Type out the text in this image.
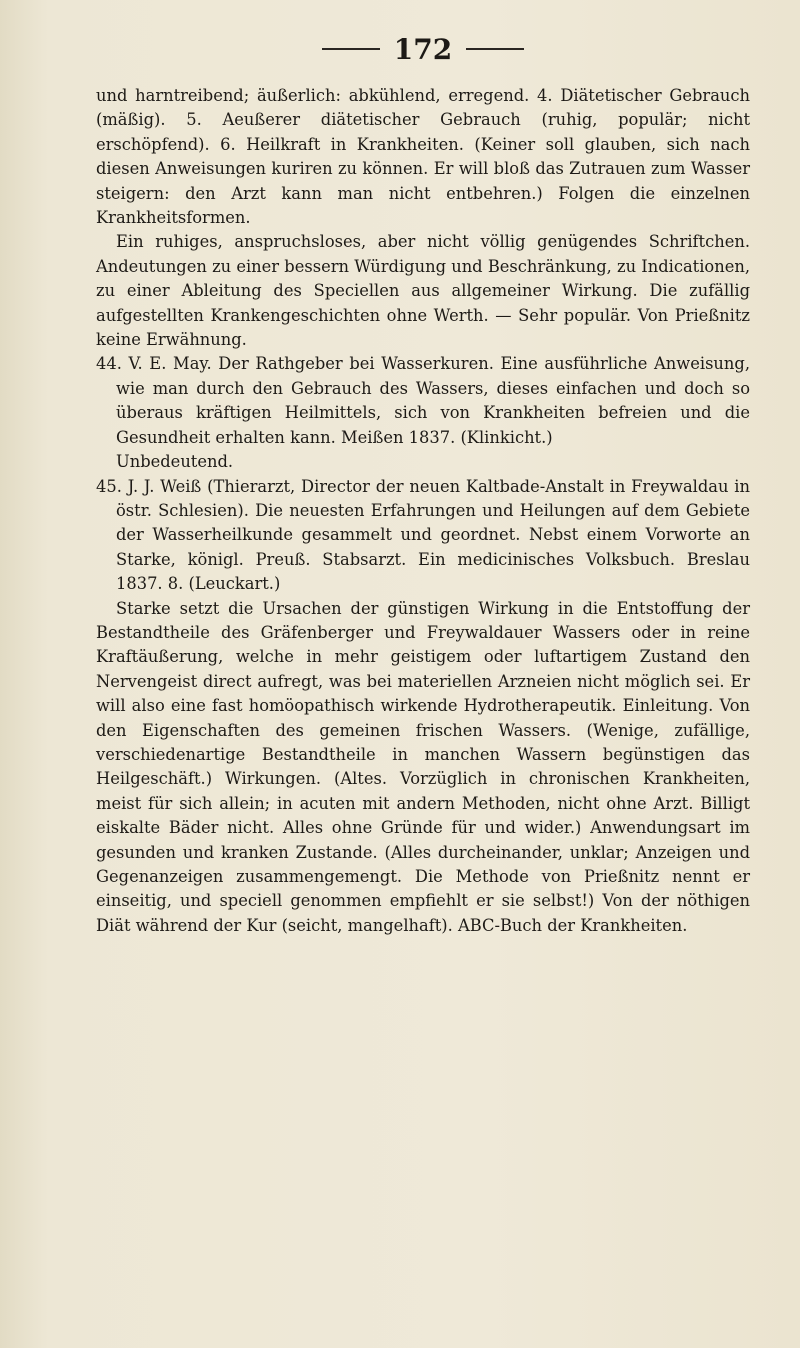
172

und harntreibend; äußerlich: abkühlend, erregend. 4. Diätetischer Gebrauch (mäßig). 5. Aeußerer diätetischer Gebrauch (ruhig, populär; nicht erschöpfend). 6. Heilkraft in Krankheiten. (Keiner soll glauben, sich nach diesen Anweisungen kuriren zu können. Er will bloß das Zutrauen zum Wasser steigern: den Arzt kann man nicht entbehren.) Folgen die einzelnen Krankheitsformen.

Ein ruhiges, anspruchsloses, aber nicht völlig genügendes Schriftchen. Andeutungen zu einer bessern Würdigung und Beschränkung, zu Indicationen, zu einer Ableitung des Speciellen aus allgemeiner Wirkung. Die zufällig aufgestellten Krankengeschichten ohne Werth. — Sehr populär. Von Prießnitz keine Erwähnung.

44. V. E. May. Der Rathgeber bei Wasserkuren. Eine ausführliche Anweisung, wie man durch den Gebrauch des Wassers, dieses einfachen und doch so überaus kräftigen Heilmittels, sich von Krankheiten befreien und die Gesundheit erhalten kann. Meißen 1837. (Klinkicht.)

Unbedeutend.

45. J. J. Weiß (Thierarzt, Director der neuen Kaltbade-Anstalt in Freywaldau in östr. Schlesien). Die neuesten Erfahrungen und Heilungen auf dem Gebiete der Wasserheilkunde gesammelt und geordnet. Nebst einem Vorworte an Starke, königl. Preuß. Stabsarzt. Ein medicinisches Volksbuch. Breslau 1837. 8. (Leuckart.)

Starke setzt die Ursachen der günstigen Wirkung in die Entstoffung der Bestandtheile des Gräfenberger und Freywaldauer Wassers oder in reine Kraftäußerung, welche in mehr geistigem oder luftartigem Zustand den Nervengeist direct aufregt, was bei materiellen Arzneien nicht möglich sei. Er will also eine fast homöopathisch wirkende Hydrotherapeutik. Einleitung. Von den Eigenschaften des gemeinen frischen Wassers. (Wenige, zufällige, verschiedenartige Bestandtheile in manchen Wassern begünstigen das Heilgeschäft.) Wirkungen. (Altes. Vorzüglich in chronischen Krankheiten, meist für sich allein; in acuten mit andern Methoden, nicht ohne Arzt. Billigt eiskalte Bäder nicht. Alles ohne Gründe für und wider.) Anwendungsart im gesunden und kranken Zustande. (Alles durcheinander, unklar; Anzeigen und Gegenanzeigen zusammengemengt. Die Methode von Prießnitz nennt er einseitig, und speciell genommen empfiehlt er sie selbst!) Von der nöthigen Diät während der Kur (seicht, mangelhaft). ABC-Buch der Krankheiten.
